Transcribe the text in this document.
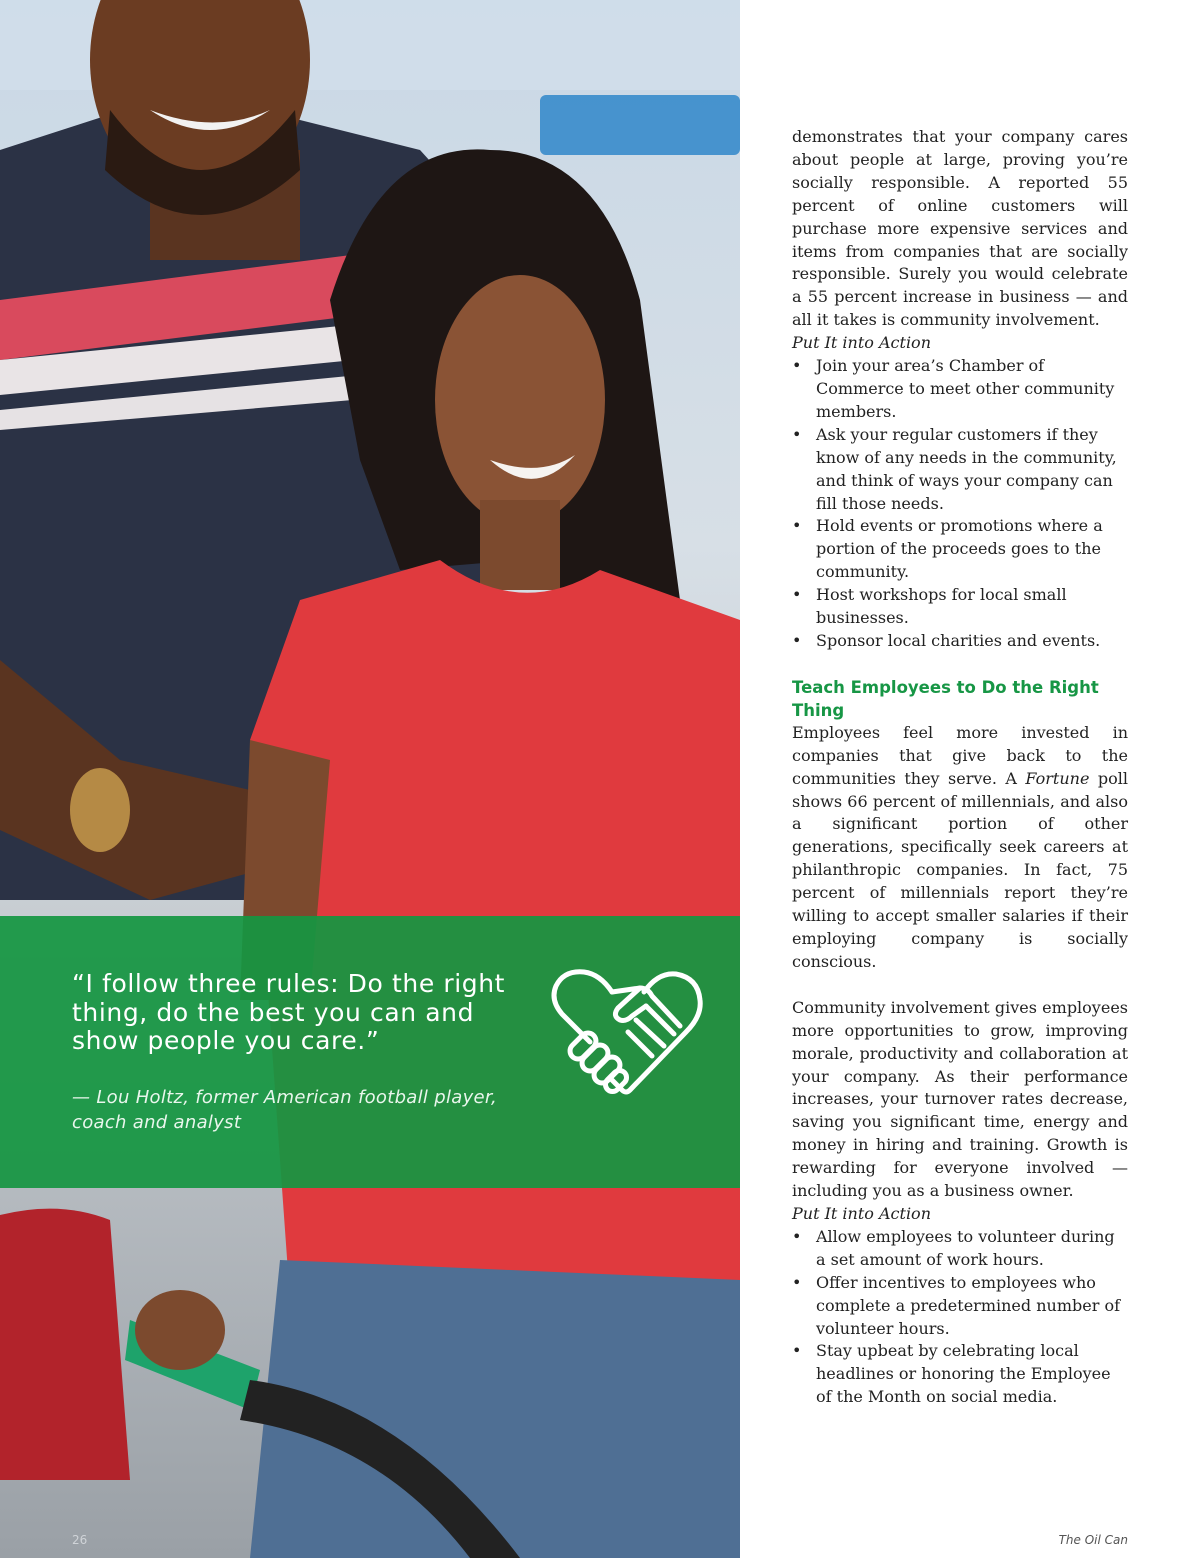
“I follow three rules: Do the right thing, do the best you can and show people you care.”

— Lou Holtz, former American football player, coach and analyst

26	The Oil Can

demonstrates that your company cares about people at large, proving you’re socially responsible. A reported 55 percent of online customers will purchase more expensive services and items from companies that are socially responsible. Surely you would celebrate a 55 percent increase in business — and all it takes is community involvement.

Put It into Action

• Join your area’s Chamber of Commerce to meet other community members.
• Ask your regular customers if they know of any needs in the community, and think of ways your company can fill those needs.
• Hold events or promotions where a portion of the proceeds goes to the community.
• Host workshops for local small businesses.
• Sponsor local charities and events.
Teach Employees to Do the Right Thing

Employees feel more invested in companies that give back to the communities they serve. A Fortune poll shows 66 percent of millennials, and also a significant portion of other generations, specifically seek careers at philanthropic companies. In fact, 75 percent of millennials report they’re willing to accept smaller salaries if their employing company is socially conscious.

Community involvement gives employees more opportunities to grow, improving morale, productivity and collaboration at your company. As their performance increases, your turnover rates decrease, saving you significant time, energy and money in hiring and training. Growth is rewarding for everyone involved — including you as a business owner.

Put It into Action

• Allow employees to volunteer during a set amount of work hours.
• Offer incentives to employees who complete a predetermined number of volunteer hours.
• Stay upbeat by celebrating local headlines or honoring the Employee of the Month on social media.
